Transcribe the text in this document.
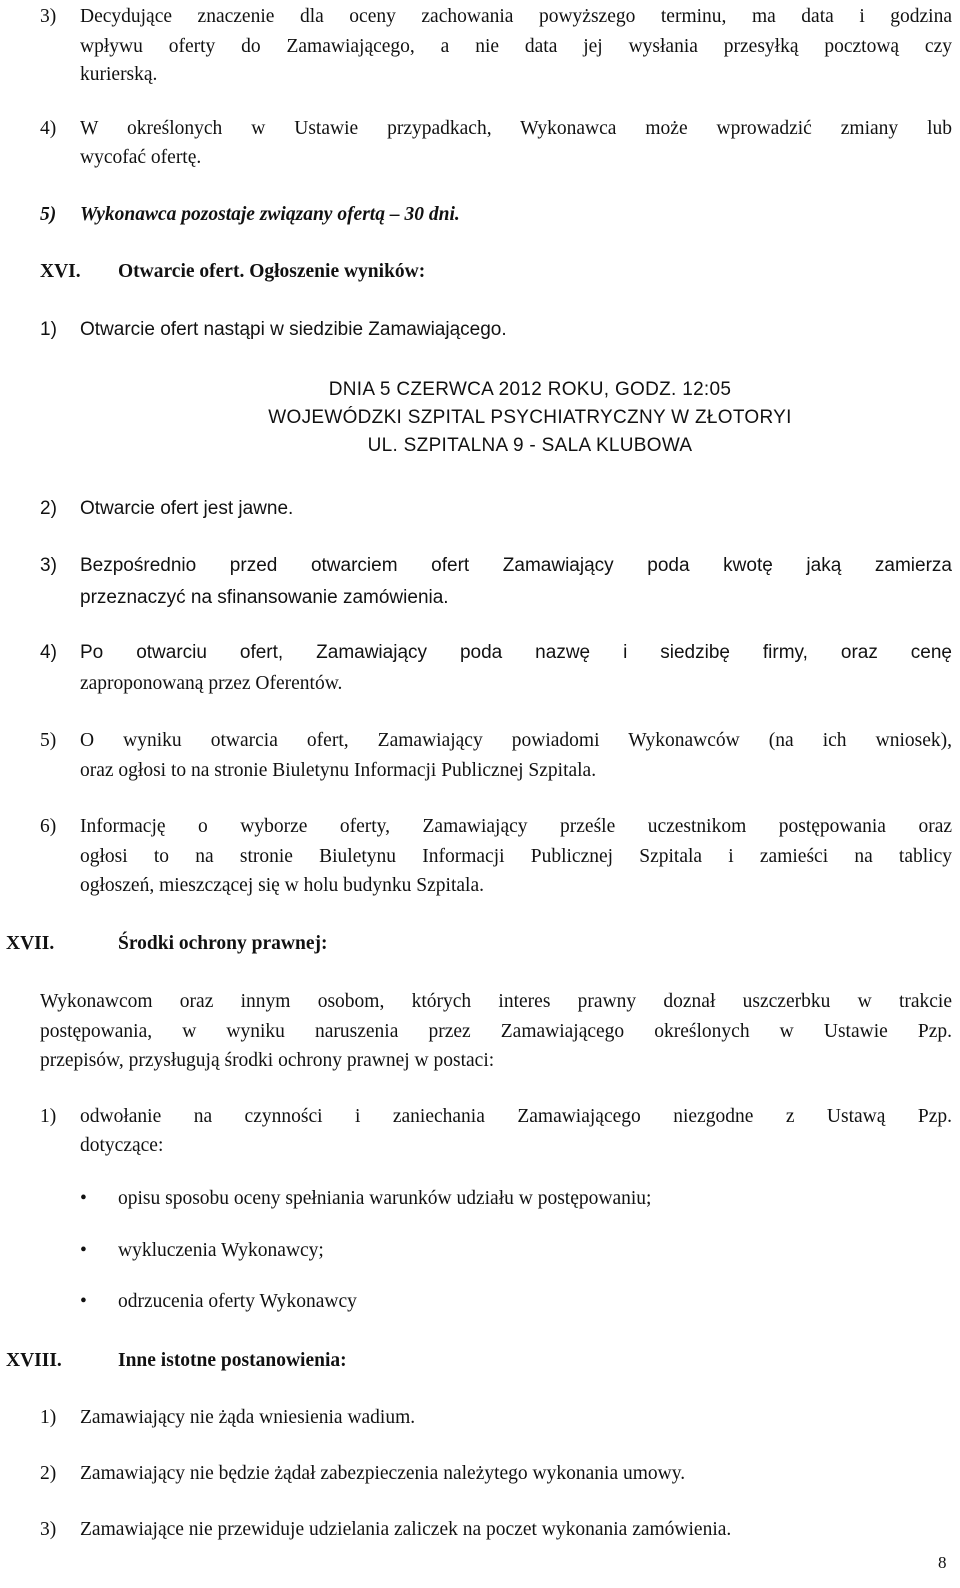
3) Decydujące znaczenie dla oceny zachowania powyższego terminu, ma data i godzina
wpływu oferty do Zamawiającego, a nie data jej wysłania przesyłką pocztową czy
kurierską.
4) W określonych w Ustawie przypadkach, Wykonawca może wprowadzić zmiany lub
wycofać ofertę.
5) Wykonawca pozostaje związany ofertą – 30 dni.
XVI. Otwarcie ofert. Ogłoszenie wyników:
1) Otwarcie ofert nastąpi w siedzibie Zamawiającego.
DNIA 5 CZERWCA 2012 ROKU, GODZ. 12:05
WOJEWÓDZKI SZPITAL PSYCHIATRYCZNY W ZŁOTORYI
UL. SZPITALNA 9 - SALA KLUBOWA
2) Otwarcie ofert jest jawne.
3) Bezpośrednio przed otwarciem ofert Zamawiający poda kwotę jaką zamierza
przeznaczyć na sfinansowanie zamówienia.
4) Po otwarciu ofert, Zamawiający poda nazwę i siedzibę firmy, oraz cenę
zaproponowaną przez Oferentów.
5) O wyniku otwarcia ofert, Zamawiający powiadomi Wykonawców (na ich wniosek),
oraz ogłosi to na stronie Biuletynu Informacji Publicznej Szpitala.
6) Informację o wyborze oferty, Zamawiający prześle uczestnikom postępowania oraz
ogłosi to na stronie Biuletynu Informacji Publicznej Szpitala i zamieści na tablicy
ogłoszeń, mieszczącej się w holu budynku Szpitala.
XVII.	Środki ochrony prawnej:
Wykonawcom oraz innym osobom, których interes prawny doznał uszczerbku w trakcie
postępowania, w wyniku naruszenia przez Zamawiającego określonych w Ustawie Pzp.
przepisów, przysługują środki ochrony prawnej w postaci:
1) odwołanie na czynności i zaniechania Zamawiającego niezgodne z Ustawą Pzp.
dotyczące:
• opisu sposobu oceny spełniania warunków udziału w postępowaniu;
• wykluczenia Wykonawcy;
• odrzucenia oferty Wykonawcy
XVIII.	Inne istotne postanowienia:
1) Zamawiający nie żąda wniesienia wadium.
2) Zamawiający nie będzie żądał zabezpieczenia należytego wykonania umowy.
3) Zamawiające nie przewiduje udzielania zaliczek na poczet wykonania zamówienia.
8
